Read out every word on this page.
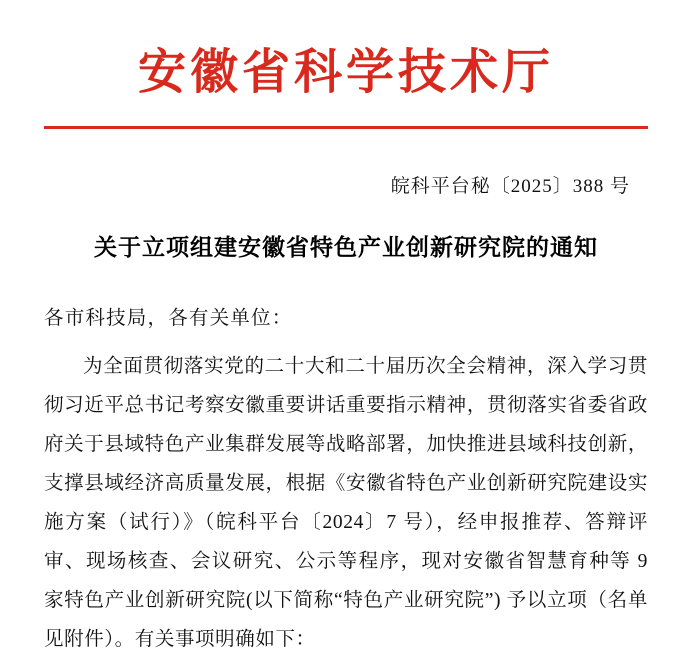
安徽省科学技术厅
皖科平台秘〔2025〕388 号
关于立项组建安徽省特色产业创新研究院的通知
各市科技局，各有关单位：
为全面贯彻落实党的二十大和二十届历次全会精神，深入学习贯彻习近平总书记考察安徽重要讲话重要指示精神，贯彻落实省委省政府关于县域特色产业集群发展等战略部署，加快推进县域科技创新，支撑县域经济高质量发展，根据《安徽省特色产业创新研究院建设实施方案（试行）》（皖科平台〔2024〕7 号），经申报推荐、答辩评审、现场核查、会议研究、公示等程序，现对安徽省智慧育种等 9 家特色产业创新研究院(以下简称“特色产业研究院”) 予以立项（名单见附件）。有关事项明确如下：
